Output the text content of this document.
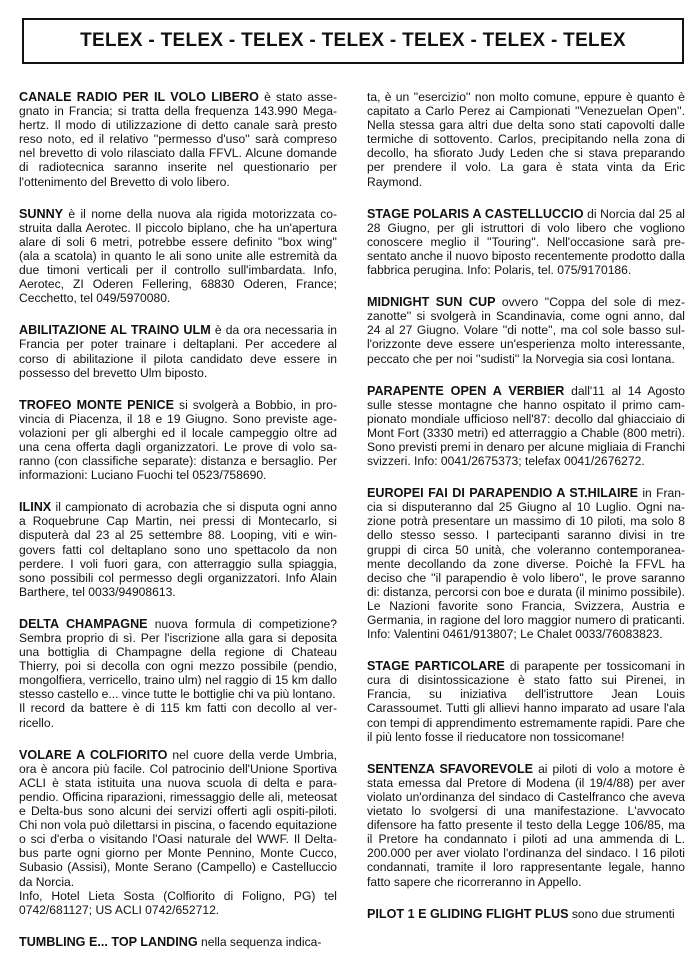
TELEX - TELEX - TELEX - TELEX - TELEX - TELEX - TELEX

CANALE RADIO PER IL VOLO LIBERO è stato assegnato in Francia; si tratta della frequenza 143.990 Megahertz. Il modo di utilizzazione di detto canale sarà presto reso noto, ed il relativo ''permesso d'uso'' sarà compreso nel brevetto di volo rilasciato dalla FFVL. Alcune domande di radiotecnica saranno inserite nel questionario per l'ottenimento del Brevetto di volo libero.

SUNNY è il nome della nuova ala rigida motorizzata costruita dalla Aerotec. Il piccolo biplano, che ha un'apertura alare di soli 6 metri, potrebbe essere definito ''box wing'' (ala a scatola) in quanto le ali sono unite alle estremità da due timoni verticali per il controllo sull'imbardata. Info, Aerotec, ZI Oderen Fellering, 68830 Oderen, France; Cecchetto, tel 049/5970080.

ABILITAZIONE AL TRAINO ULM è da ora necessaria in Francia per poter trainare i deltaplani. Per accedere al corso di abilitazione il pilota candidato deve essere in possesso del brevetto Ulm biposto.

TROFEO MONTE PENICE si svolgerà a Bobbio, in provincia di Piacenza, il 18 e 19 Giugno. Sono previste agevolazioni per gli alberghi ed il locale campeggio oltre ad una cena offerta dagli organizzatori. Le prove di volo saranno (con classifiche separate): distanza e bersaglio. Per informazioni: Luciano Fuochi tel 0523/758690.

ILINX il campionato di acrobazia che si disputa ogni anno a Roquebrune Cap Martin, nei pressi di Montecarlo, si disputerà dal 23 al 25 settembre 88. Looping, viti e wingovers fatti col deltaplano sono uno spettacolo da non perdere. I voli fuori gara, con atterraggio sulla spiaggia, sono possibili col permesso degli organizzatori. Info Alain Barthere, tel 0033/94908613.

DELTA CHAMPAGNE nuova formula di competizione? Sembra proprio di sì. Per l'iscrizione alla gara si deposita una bottiglia di Champagne della regione di Chateau Thierry, poi si decolla con ogni mezzo possibile (pendio, mongolfiera, verricello, traino ulm) nel raggio di 15 km dallo stesso castello e... vince tutte le bottiglie chi va più lontano.

Il record da battere è di 115 km fatti con decollo al verricello.

VOLARE A COLFIORITO nel cuore della verde Umbria, ora è ancora più facile. Col patrocinio dell'Unione Sportiva ACLI è stata istituita una nuova scuola di delta e parapendio. Officina riparazioni, rimessaggio delle ali, meteosat e Delta-bus sono alcuni dei servizi offerti agli ospiti-piloti. Chi non vola può dilettarsi in piscina, o facendo equitazione o sci d'erba o visitando l'Oasi naturale del WWF. Il Delta-bus parte ogni giorno per Monte Pennino, Monte Cucco, Subasio (Assisi), Monte Serano (Campello) e Castelluccio da Norcia.

Info, Hotel Lieta Sosta (Colfiorito di Foligno, PG) tel 0742/681127; US ACLI 0742/652712.

TUMBLING E... TOP LANDING nella sequenza indica-

ta, è un ''esercizio'' non molto comune, eppure è quanto è capitato a Carlo Perez ai Campionati ''Venezuelan Open''. Nella stessa gara altri due delta sono stati capovolti dalle termiche di sottovento. Carlos, precipitando nella zona di decollo, ha sfiorato Judy Leden che si stava preparando per prendere il volo. La gara è stata vinta da Eric Raymond.

STAGE POLARIS A CASTELLUCCIO di Norcia dal 25 al 28 Giugno, per gli istruttori di volo libero che vogliono conoscere meglio il ''Touring''. Nell'occasione sarà presentato anche il nuovo biposto recentemente prodotto dalla fabbrica perugina. Info: Polaris, tel. 075/9170186.

MIDNIGHT SUN CUP ovvero ''Coppa del sole di mezzanotte'' si svolgerà in Scandinavia, come ogni anno, dal 24 al 27 Giugno. Volare ''di notte'', ma col sole basso sull'orizzonte deve essere un'esperienza molto interessante, peccato che per noi ''sudisti'' la Norvegia sia così lontana.

PARAPENTE OPEN A VERBIER dall'11 al 14 Agosto sulle stesse montagne che hanno ospitato il primo campionato mondiale ufficioso nell'87: decollo dal ghiacciaio di Mont Fort (3330 metri) ed atterraggio a Chable (800 metri). Sono previsti premi in denaro per alcune migliaia di Franchi svizzeri. Info: 0041/2675373; telefax 0041/2676272.

EUROPEI FAI DI PARAPENDIO A ST.HILAIRE in Francia si disputeranno dal 25 Giugno al 10 Luglio. Ogni nazione potrà presentare un massimo di 10 piloti, ma solo 8 dello stesso sesso. I partecipanti saranno divisi in tre gruppi di circa 50 unità, che voleranno contemporaneamente decollando da zone diverse. Poichè la FFVL ha deciso che ''il parapendio è volo libero'', le prove saranno di: distanza, percorsi con boe e durata (il minimo possibile). Le Nazioni favorite sono Francia, Svizzera, Austria e Germania, in ragione del loro maggior numero di praticanti. Info: Valentini 0461/913807; Le Chalet 0033/76083823.

STAGE PARTICOLARE di parapente per tossicomani in cura di disintossicazione è stato fatto sui Pirenei, in Francia, su iniziativa dell'istruttore Jean Louis Carassoumet. Tutti gli allievi hanno imparato ad usare l'ala con tempi di apprendimento estremamente rapidi. Pare che il più lento fosse il rieducatore non tossicomane!

SENTENZA SFAVOREVOLE ai piloti di volo a motore è stata emessa dal Pretore di Modena (il 19/4/88) per aver violato un'ordinanza del sindaco di Castelfranco che aveva vietato lo svolgersi di una manifestazione. L'avvocato difensore ha fatto presente il testo della Legge 106/85, ma il Pretore ha condannato i piloti ad una ammenda di L. 200.000 per aver violato l'ordinanza del sindaco. I 16 piloti condannati, tramite il loro rappresentante legale, hanno fatto sapere che ricorreranno in Appello.

PILOT 1 E GLIDING FLIGHT PLUS sono due strumenti
